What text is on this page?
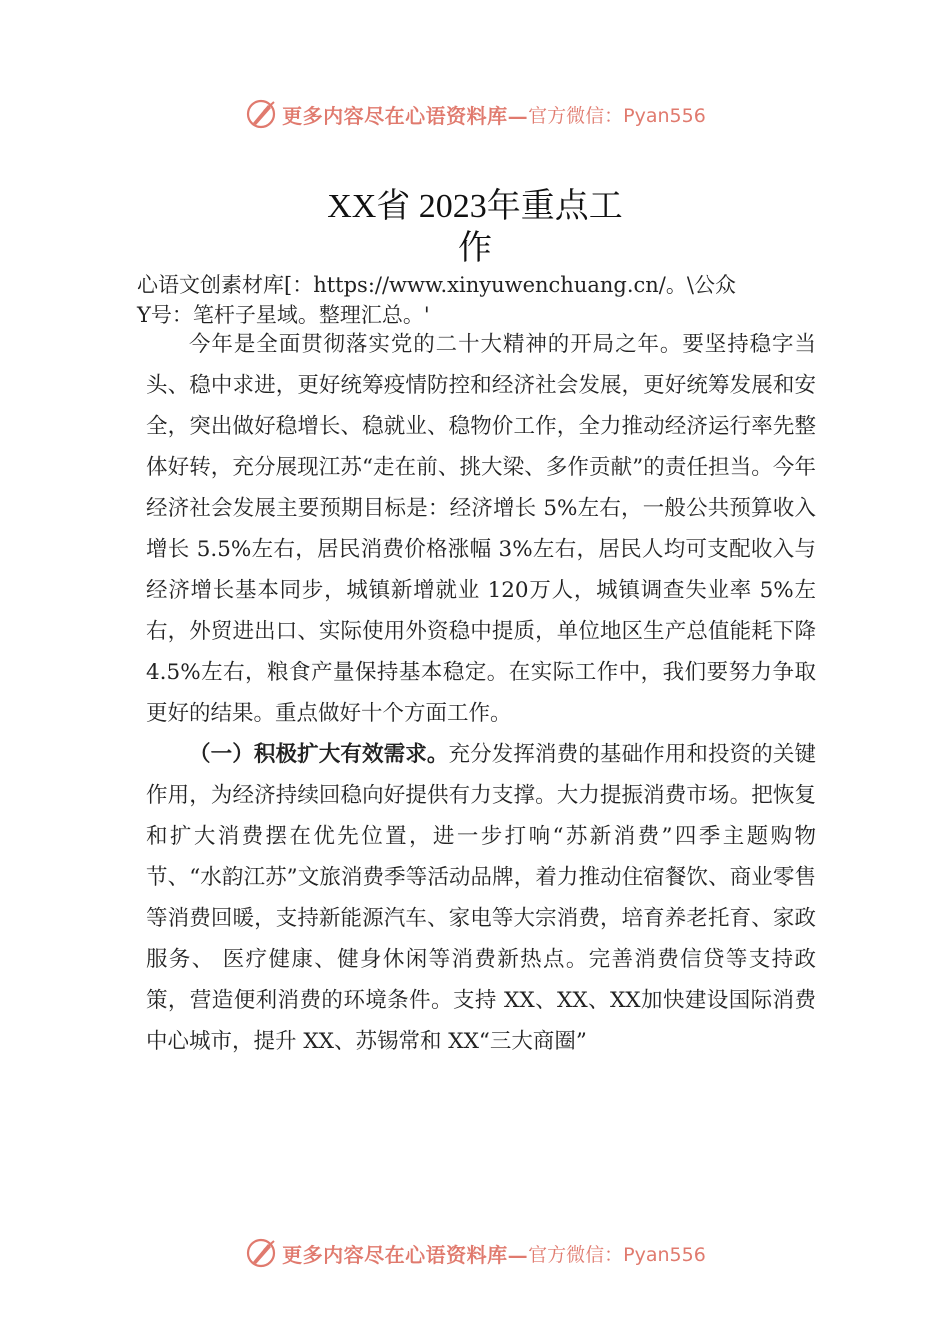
更多内容尽在心语资料库— 官方微信：Pyan556
XX省 2023年重点工
作
心语文创素材库[：https://www.xinyuwenchuang.cn/。\公众
Y号：笔杆子星域。整理汇总。'

今年是全面贯彻落实党的二十大精神的开局之年。要坚持稳字当头、稳中求进，更好统筹疫情防控和经济社会发展，更好统筹发展和安全，突出做好稳增长、稳就业、稳物价工作，全力推动经济运行率先整体好转，充分展现江苏“走在前、挑大梁、多作贡献”的责任担当。今年经济社会发展主要预期目标是：经济增长 5%左右，一般公共预算收入增长 5.5%左右，居民消费价格涨幅 3%左右，居民人均可支配收入与经济增长基本同步，城镇新增就业 120万人，城镇调查失业率 5%左右，外贸进出口、实际使用外资稳中提质，单位地区生产总值能耗下降 4.5%左右，粮食产量保持基本稳定。在实际工作中，我们要努力争取更好的结果。重点做好十个方面工作。

（一）积极扩大有效需求。充分发挥消费的基础作用和投资的关键作用，为经济持续回稳向好提供有力支撑。大力提振消费市场。把恢复和扩大消费摆在优先位置，进一步打响“苏新消费”四季主题购物节、“水韵江苏”文旅消费季等活动品牌，着力推动住宿餐饮、商业零售等消费回暖，支持新能源汽车、家电等大宗消费，培育养老托育、家政服务、 医疗健康、健身休闲等消费新热点。完善消费信贷等支持政策，营造便利消费的环境条件。支持 XX、XX、XX加快建设国际消费中心城市，提升 XX、苏锡常和 XX“三大商圈”

更多内容尽在心语资料库— 官方微信：Pyan556
